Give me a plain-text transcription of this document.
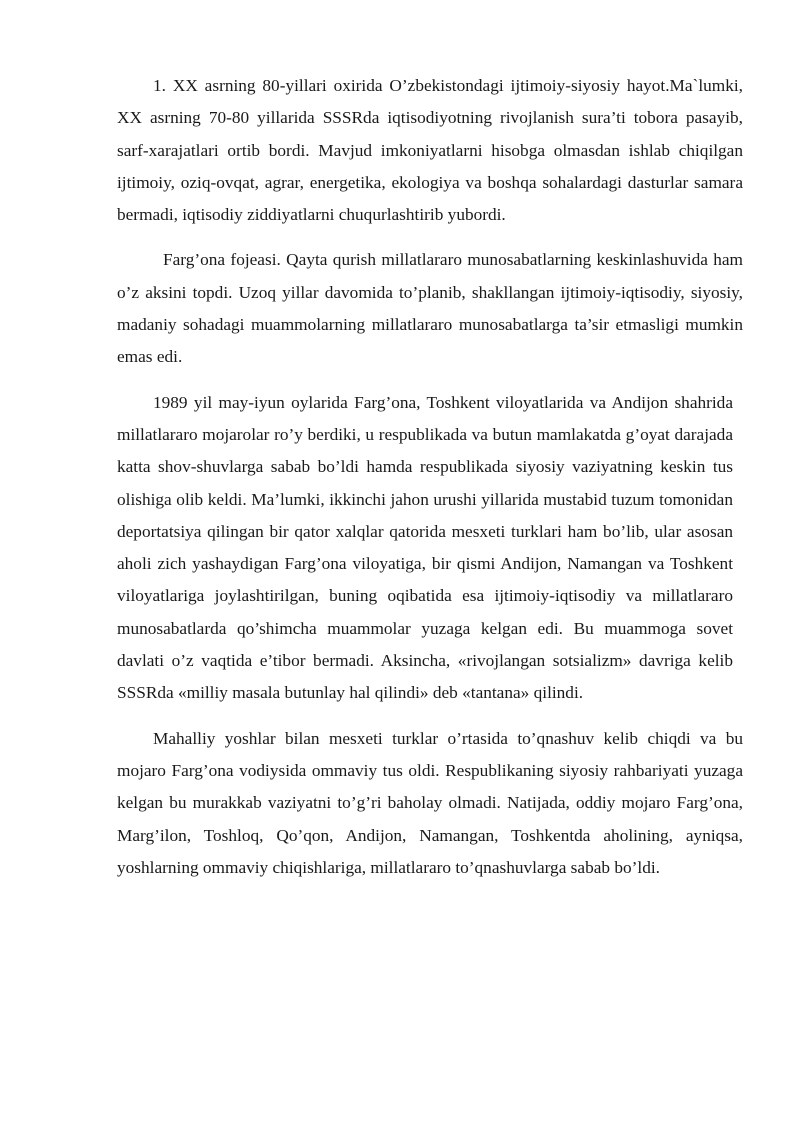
1. XX asrning 80-yillari oxirida O’zbekistondagi ijtimoiy-siyosiy hayot.Ma`lumki, XX asrning 70-80 yillarida SSSRda iqtisodiyotning rivojlanish sura’ti tobora pasayib, sarf-xarajatlari ortib bordi. Mavjud imkoniyatlarni hisobga olmasdan ishlab chiqilgan ijtimoiy, oziq-ovqat, agrar, energetika, ekologiya va boshqa sohalardagi dasturlar samara bermadi, iqtisodiy ziddiyatlarni chuqurlashtirib yubordi.

Farg’ona fojeasi. Qayta qurish millatlararo munosabatlarning keskinlashuvida ham o’z aksini topdi. Uzoq yillar davomida to’planib, shakllangan ijtimoiy-iqtisodiy, siyosiy, madaniy sohadagi muammolarning millatlararo munosabatlarga ta’sir etmasligi mumkin emas edi.

1989 yil may-iyun oylarida Farg’ona, Toshkent viloyatlarida va Andijon shahrida millatlararo mojarolar ro’y berdiki, u respublikada va butun mamlakatda g’oyat darajada katta shov-shuvlarga sabab bo’ldi hamda respublikada siyosiy vaziyatning keskin tus olishiga olib keldi. Ma’lumki, ikkinchi jahon urushi yillarida mustabid tuzum tomonidan deportatsiya qilingan bir qator xalqlar qatorida mesxeti turklari ham bo’lib, ular asosan aholi zich yashaydigan Farg’ona viloyatiga, bir qismi Andijon, Namangan va Toshkent viloyatlariga joylashtirilgan, buning oqibatida esa ijtimoiy-iqtisodiy va millatlararo munosabatlarda qo’shimcha muammolar yuzaga kelgan edi. Bu muammoga sovet davlati o’z vaqtida e’tibor bermadi. Aksincha, «rivojlangan sotsializm» davriga kelib SSSRda «milliy masala butunlay hal qilindi» deb «tantana» qilindi.

Mahalliy yoshlar bilan mesxeti turklar o’rtasida to’qnashuv kelib chiqdi va bu mojaro Farg’ona vodiysida ommaviy tus oldi. Respublikaning siyosiy rahbariyati yuzaga kelgan bu murakkab vaziyatni to’g’ri baholay olmadi. Natijada, oddiy mojaro Farg’ona, Marg’ilon, Toshloq, Qo’qon, Andijon, Namangan, Toshkentda aholining, ayniqsa, yoshlarning ommaviy chiqishlariga, millatlararo to’qnashuvlarga sabab bo’ldi.
